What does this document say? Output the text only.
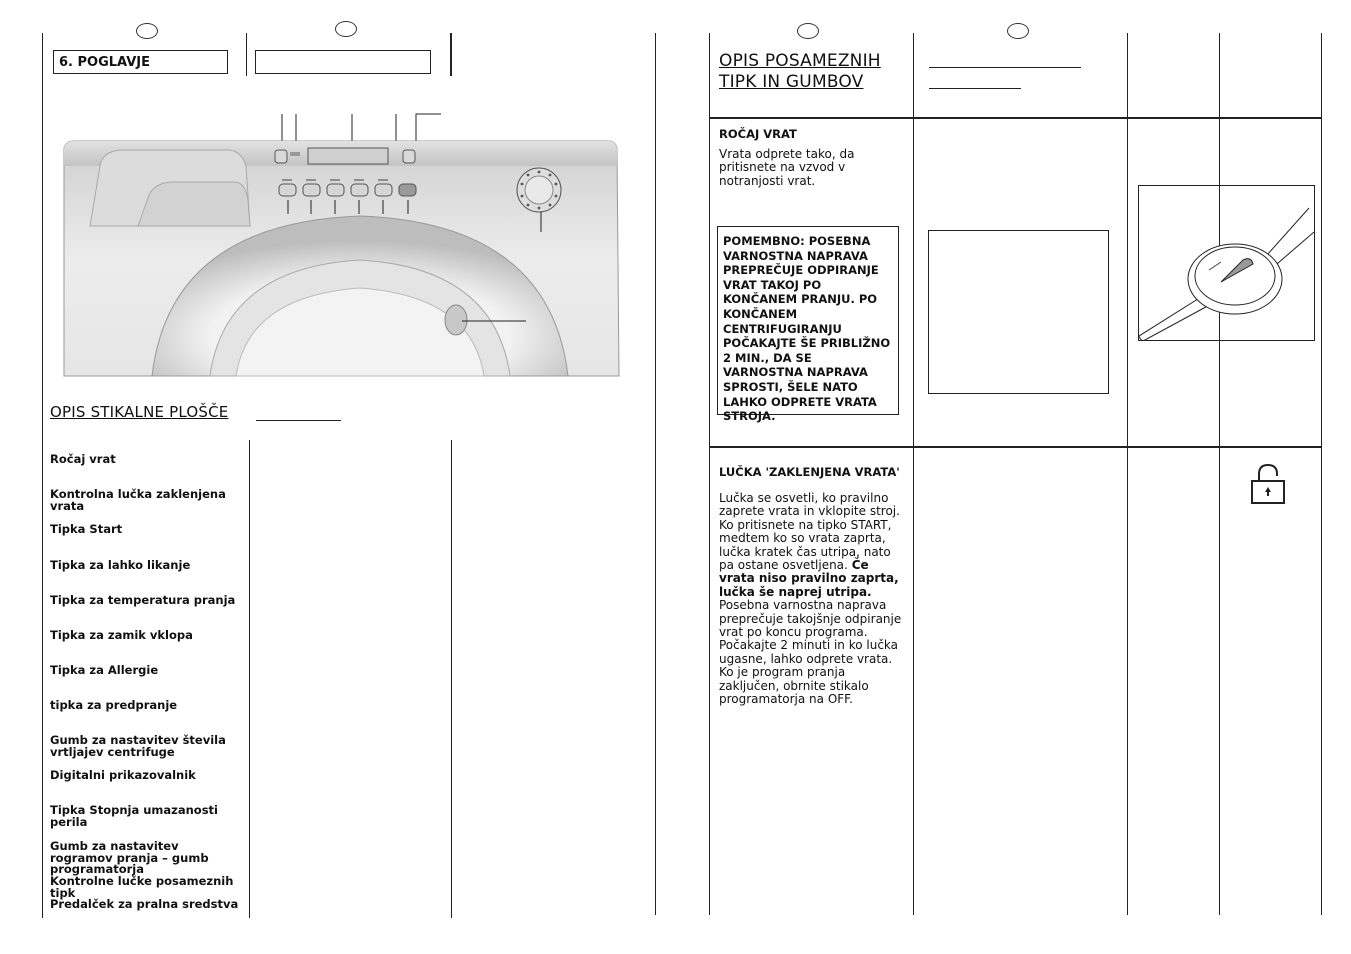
6. POGLAVJE
OPIS STIKALNE PLOŠČE
Ročaj vrat
Kontrolna lučka zaklenjena vrata
Tipka Start
Tipka za lahko likanje
Tipka za temperatura pranja
Tipka za zamik vklopa
Tipka za Allergie
tipka za predpranje
Gumb za nastavitev števila vrtljajev centrifuge
Digitalni prikazovalnik
Tipka Stopnja umazanosti perila
Gumb za nastavitev rogramov pranja – gumb programatorja
Kontrolne lučke posameznih tipk
Predalček za pralna sredstva
OPIS POSAMEZNIH TIPK IN GUMBOV
ROČAJ VRAT
Vrata odprete tako, da pritisnete na vzvod v notranjosti vrat.
POMEMBNO: POSEBNA VARNOSTNA NAPRAVA PREPREČUJE ODPIRANJE VRAT TAKOJ PO KONČANEM PRANJU. PO KONČANEM CENTRIFUGIRANJU POČAKAJTE ŠE PRIBLIŽNO 2 MIN., DA SE VARNOSTNA NAPRAVA SPROSTI, ŠELE NATO LAHKO ODPRETE VRATA STROJA.
LUČKA 'ZAKLENJENA VRATA'
Lučka se osvetli, ko pravilno zaprete vrata in vklopite stroj. Ko pritisnete na tipko START, medtem ko so vrata zaprta, lučka kratek čas utripa, nato pa ostane osvetljena. Če vrata niso pravilno zaprta, lučka še naprej utripa. Posebna varnostna naprava preprečuje takojšnje odpiranje vrat po koncu programa. Počakajte 2 minuti in ko lučka ugasne, lahko odprete vrata. Ko je program pranja zaključen, obrnite stikalo programatorja na OFF.
